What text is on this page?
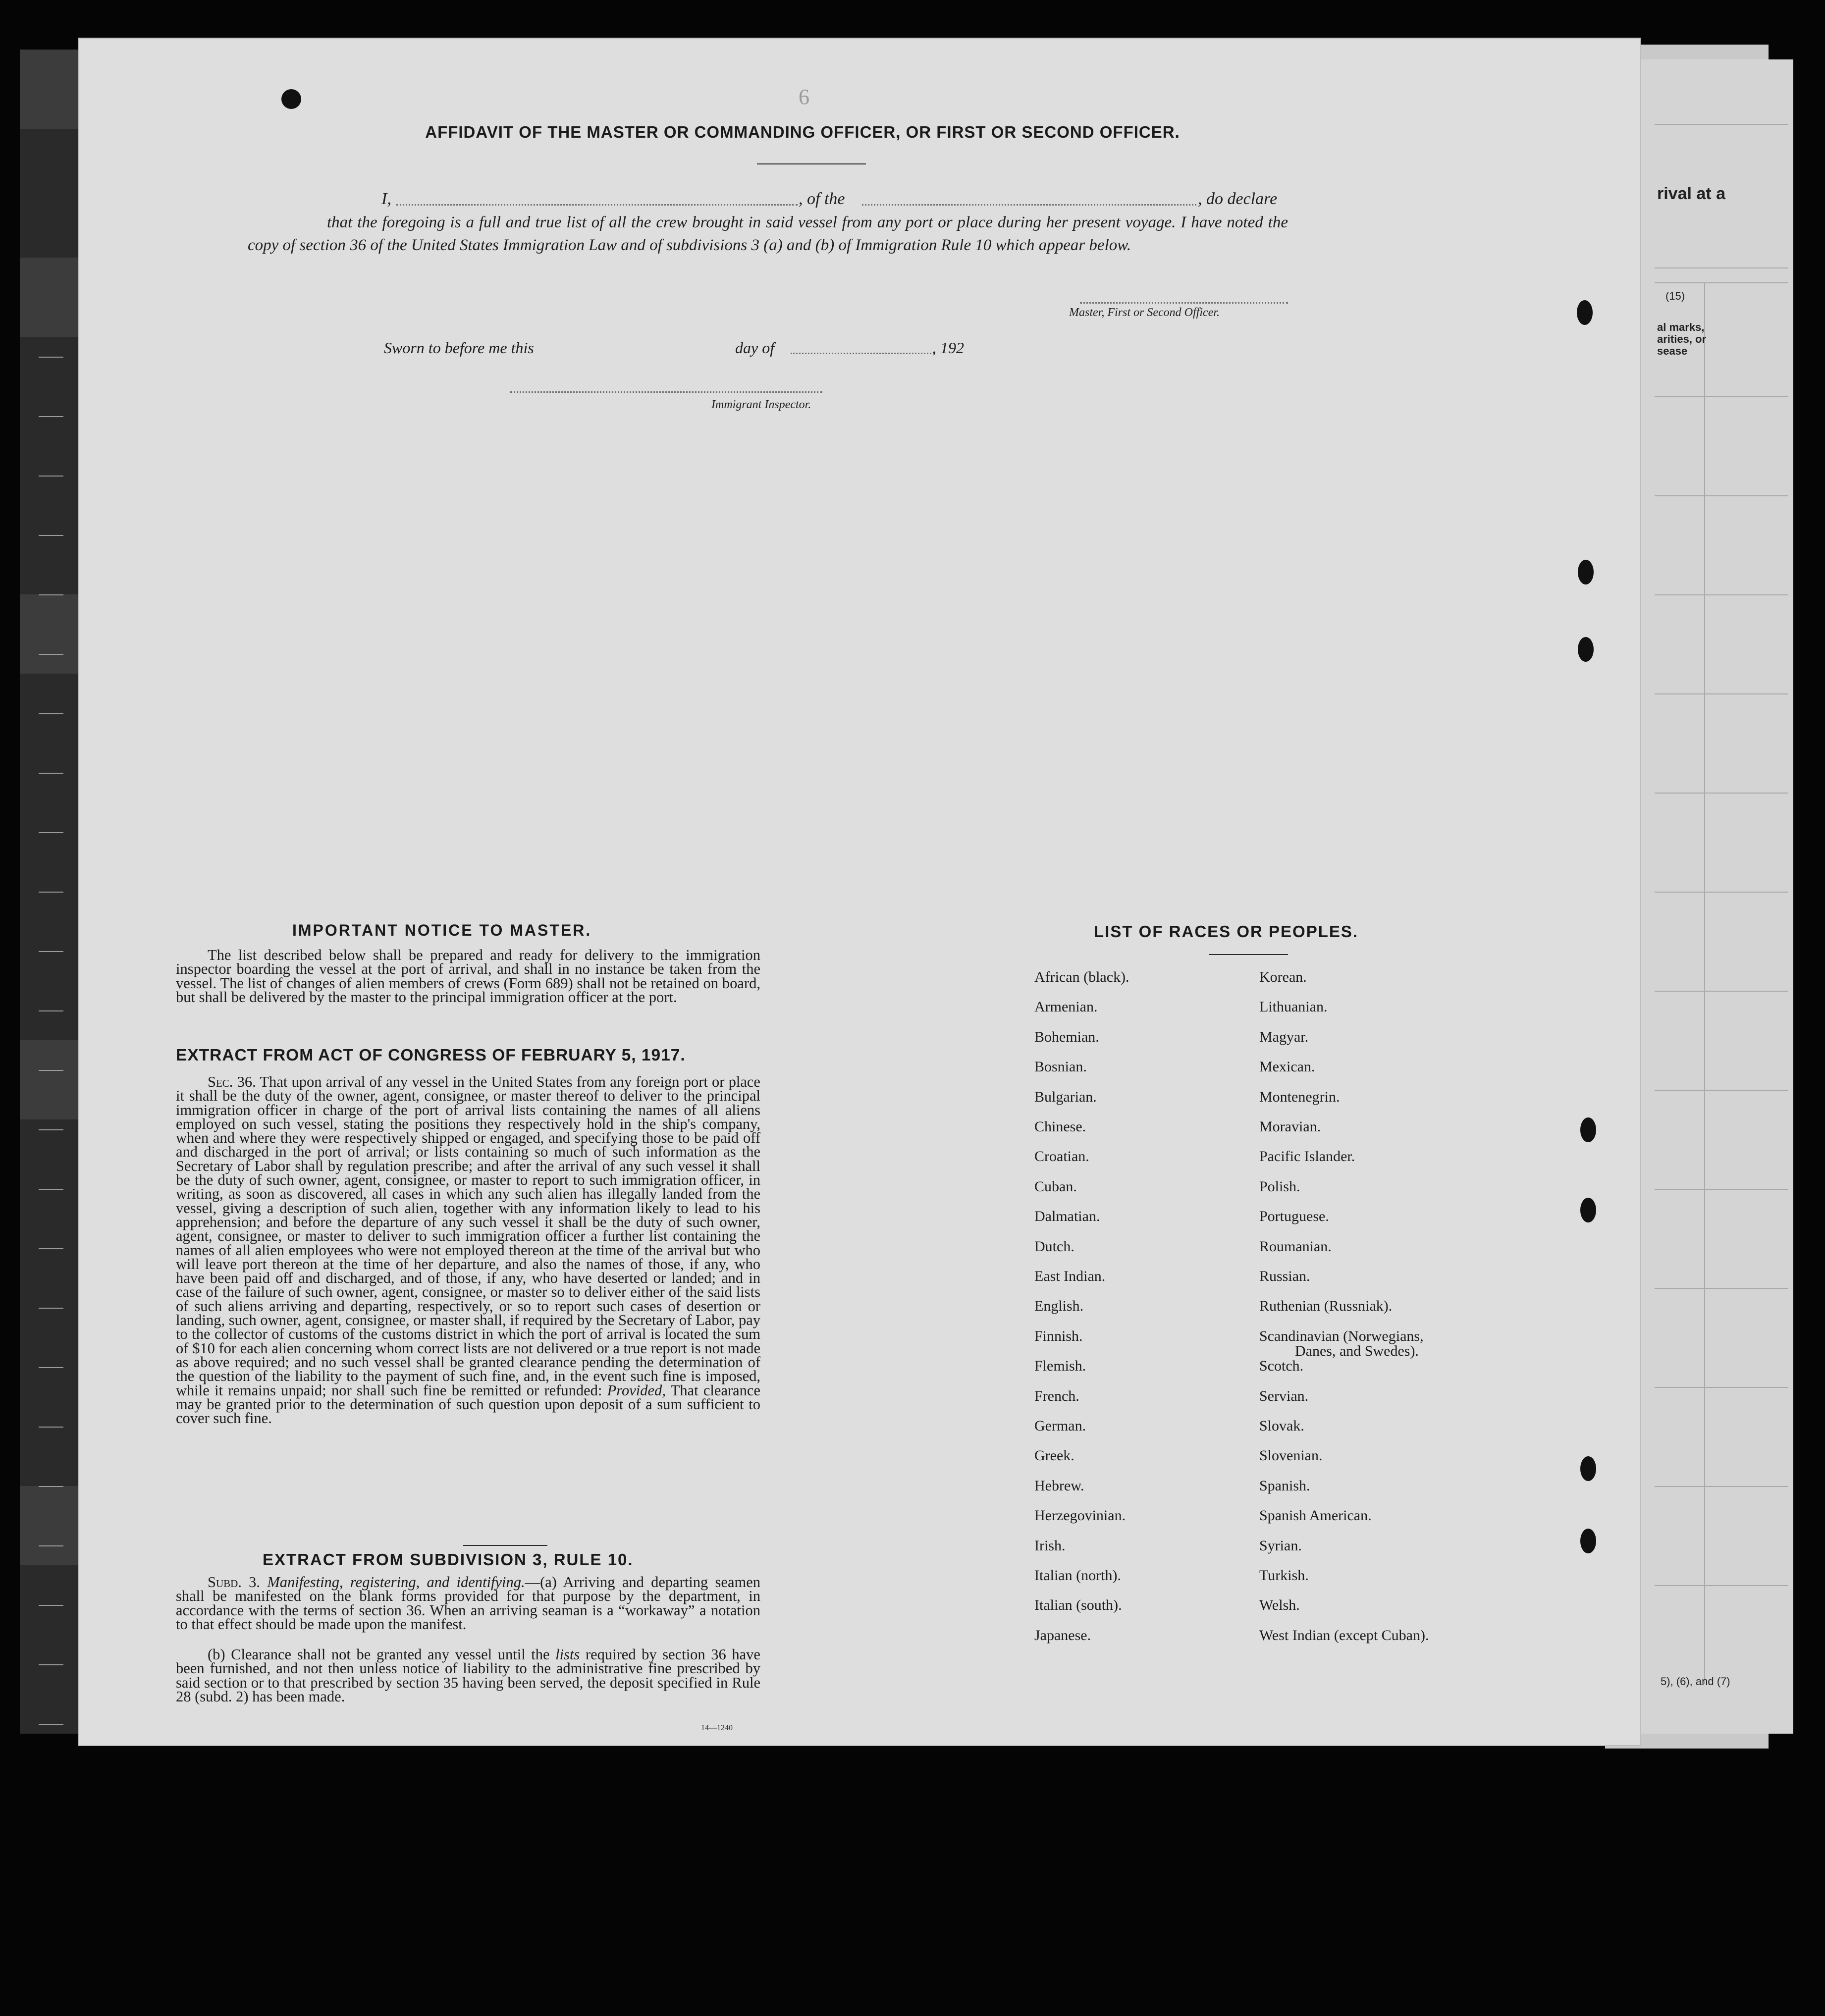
rival at a
(15)
al marks,
arities, or
sease
5), (6), and (7)
6
AFFIDAVIT OF THE MASTER OR COMMANDING OFFICER, OR FIRST OR SECOND OFFICER.
I,	, of the	, do declare
that the foregoing is a full and true list of all the crew brought in said vessel from any port or place during her present voyage. I have noted the copy of section 36 of the United States Immigration Law and of subdivisions 3 (a) and (b) of Immigration Rule 10 which appear below.
Master, First or Second Officer.
Sworn to before me this	day of	, 192
Immigrant Inspector.
IMPORTANT NOTICE TO MASTER.
The list described below shall be prepared and ready for delivery to the immigration inspector boarding the vessel at the port of arrival, and shall in no instance be taken from the vessel. The list of changes of alien members of crews (Form 689) shall not be retained on board, but shall be delivered by the master to the principal immigration officer at the port.
EXTRACT FROM ACT OF CONGRESS OF FEBRUARY 5, 1917.
Sec. 36. That upon arrival of any vessel in the United States from any foreign port or place it shall be the duty of the owner, agent, consignee, or master thereof to deliver to the principal immigration officer in charge of the port of arrival lists containing the names of all aliens employed on such vessel, stating the positions they respectively hold in the ship's company, when and where they were respectively shipped or engaged, and specifying those to be paid off and discharged in the port of arrival; or lists containing so much of such information as the Secretary of Labor shall by regulation prescribe; and after the arrival of any such vessel it shall be the duty of such owner, agent, consignee, or master to report to such immigration officer, in writing, as soon as discovered, all cases in which any such alien has illegally landed from the vessel, giving a description of such alien, together with any information likely to lead to his apprehension; and before the departure of any such vessel it shall be the duty of such owner, agent, consignee, or master to deliver to such immigration officer a further list containing the names of all alien employees who were not employed thereon at the time of the arrival but who will leave port thereon at the time of her departure, and also the names of those, if any, who have been paid off and discharged, and of those, if any, who have deserted or landed; and in case of the failure of such owner, agent, consignee, or master so to deliver either of the said lists of such aliens arriving and departing, respectively, or so to report such cases of desertion or landing, such owner, agent, consignee, or master shall, if required by the Secretary of Labor, pay to the collector of customs of the customs district in which the port of arrival is located the sum of $10 for each alien concerning whom correct lists are not delivered or a true report is not made as above required; and no such vessel shall be granted clearance pending the determination of the question of the liability to the payment of such fine, and, in the event such fine is imposed, while it remains unpaid; nor shall such fine be remitted or refunded: Provided, That clearance may be granted prior to the determination of such question upon deposit of a sum sufficient to cover such fine.
EXTRACT FROM SUBDIVISION 3, RULE 10.
Subd. 3. Manifesting, registering, and identifying.—(a) Arriving and departing seamen shall be manifested on the blank forms provided for that purpose by the department, in accordance with the terms of section 36. When an arriving seaman is a “workaway” a notation to that effect should be made upon the manifest.
(b) Clearance shall not be granted any vessel until the lists required by section 36 have been furnished, and not then unless notice of liability to the administrative fine prescribed by said section or to that prescribed by section 35 having been served, the deposit specified in Rule 28 (subd. 2) has been made.
14—1240
LIST OF RACES OR PEOPLES.
African (black).
Armenian.
Bohemian.
Bosnian.
Bulgarian.
Chinese.
Croatian.
Cuban.
Dalmatian.
Dutch.
East Indian.
English.
Finnish.
Flemish.
French.
German.
Greek.
Hebrew.
Herzegovinian.
Irish.
Italian (north).
Italian (south).
Japanese.
Korean.
Lithuanian.
Magyar.
Mexican.
Montenegrin.
Moravian.
Pacific Islander.
Polish.
Portuguese.
Roumanian.
Russian.
Ruthenian (Russniak).
Scandinavian (Norwegians,
Danes, and Swedes).
Scotch.
Servian.
Slovak.
Slovenian.
Spanish.
Spanish American.
Syrian.
Turkish.
Welsh.
West Indian (except Cuban).
